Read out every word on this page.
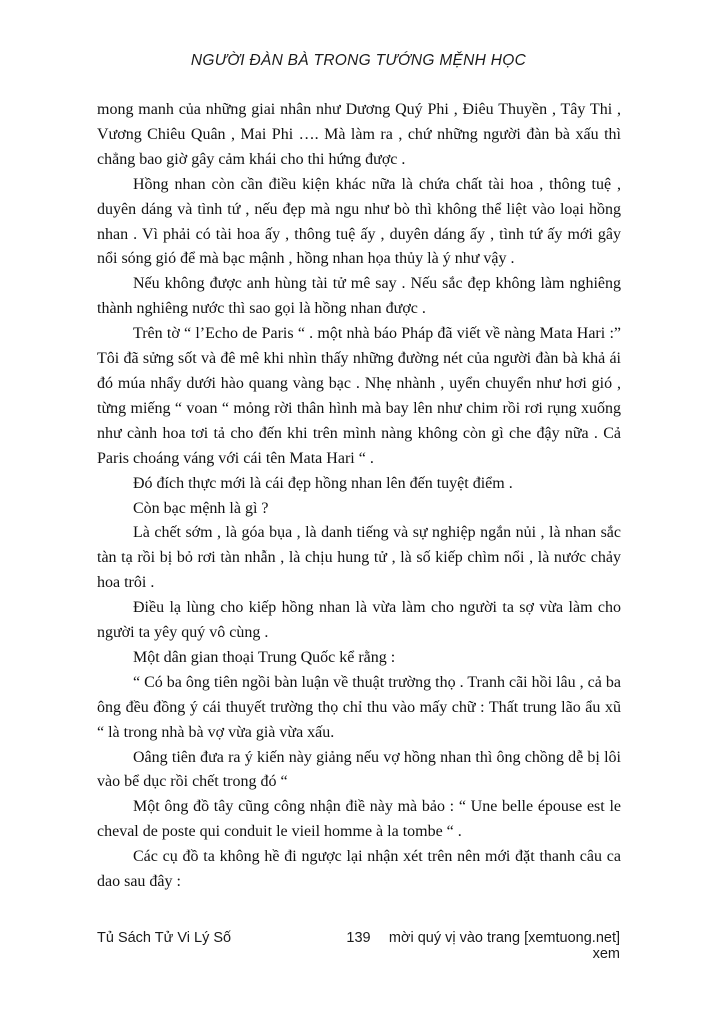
NGƯỜI ĐÀN BÀ TRONG TƯỚNG MỆNH HỌC

mong manh của những giai nhân như Dương Quý Phi , Điêu Thuyền , Tây Thi , Vương Chiêu Quân , Mai Phi …. Mà làm ra , chứ những người đàn bà xấu thì chẳng bao giờ gây cảm khái cho thi hứng được .

Hồng nhan còn cần điều kiện khác nữa là chứa chất tài hoa , thông tuệ , duyên dáng và tình tứ , nếu đẹp mà ngu như bò thì không thể liệt vào loại hồng nhan . Vì phải có tài hoa ấy , thông tuệ ấy , duyên dáng ấy , tình tứ ấy mới gây nổi sóng gió để mà bạc mậnh , hồng nhan họa thủy là ý như vậy .

Nếu không được anh hùng tài tử mê say . Nếu sắc đẹp không làm nghiêng thành nghiêng nước thì sao gọi là hồng nhan được .

Trên tờ “ l’Echo de Paris “ . một nhà báo Pháp đã viết về nàng Mata Hari :” Tôi đã sửng sốt và đê mê khi nhìn thấy những đường nét của người đàn bà khả ái đó múa nhẩy dưới hào quang vàng bạc . Nhẹ nhành , uyển chuyển như hơi gió , từng miếng “ voan “ mỏng rời thân hình mà bay lên như chim rồi rơi rụng xuống như cành hoa tơi tả cho đến khi trên mình nàng không còn gì che đậy nữa . Cả Paris choáng váng với cái tên Mata Hari “ .

Đó đích thực mới là cái đẹp hồng nhan lên đến tuyệt điểm .

Còn bạc mệnh là gì ?

Là chết sớm , là góa bụa , là danh tiếng và sự nghiệp ngắn nủi , là nhan sắc tàn tạ rồi bị bỏ rơi tàn nhẫn , là chịu hung tử , là số kiếp chìm nổi , là nước chảy hoa trôi .

Điều lạ lùng cho kiếp hồng nhan là vừa làm cho người ta sợ vừa làm cho người ta yêy quý vô cùng .

Một dân gian thoại Trung Quốc kể rằng :

“ Có ba ông tiên ngồi bàn luận về thuật trường thọ . Tranh cãi hồi lâu , cả ba ông đều đồng ý cái thuyết trường thọ chỉ thu vào mấy chữ : Thất trung lão ẩu xũ “ là trong nhà bà vợ vừa già vừa xấu.

Oâng tiên đưa ra ý kiến này giảng nếu vợ hồng nhan thì ông chồng dễ bị lôi vào bể dục rồi chết trong đó “

Một ông đồ tây cũng công nhận điề này mà bảo : “ Une belle épouse est le cheval de poste qui conduit le vieil homme à la tombe “ .

Các cụ đồ ta không hề đi ngược lại nhận xét trên nên mới đặt thanh câu ca dao sau đây :

Tủ Sách Tử Vi Lý Số	139	mời quý vị vào trang [xemtuong.net] xem
